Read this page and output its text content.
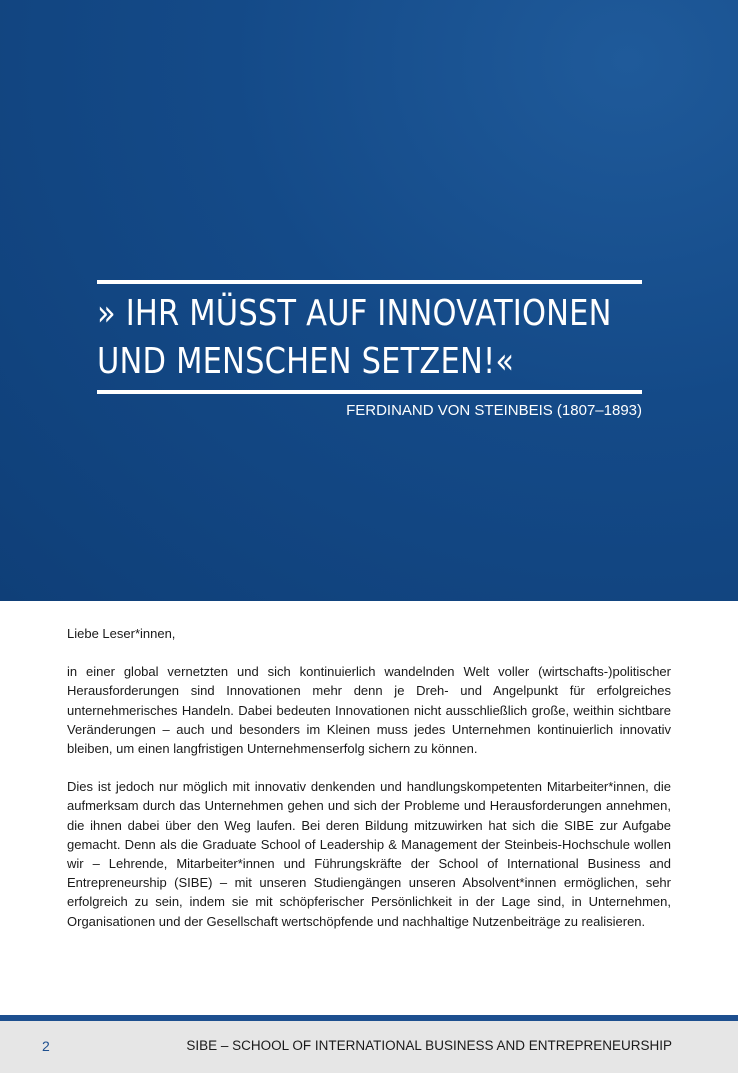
» IHR MÜSST AUF INNOVATIONEN
UND MENSCHEN SETZEN!«
FERDINAND VON STEINBEIS (1807–1893)

Liebe Leser*innen,

in einer global vernetzten und sich kontinuierlich wandelnden Welt voller (wirtschafts-)politischer Herausforderungen sind Innovationen mehr denn je Dreh- und Angelpunkt für erfolgreiches unternehmerisches Handeln. Dabei bedeuten Innovationen nicht ausschließlich große, weithin sichtbare Veränderungen – auch und besonders im Kleinen muss jedes Unternehmen kontinuierlich innovativ bleiben, um einen langfristigen Unternehmenserfolg sichern zu können.

Dies ist jedoch nur möglich mit innovativ denkenden und handlungskompetenten Mitarbeiter*innen, die aufmerksam durch das Unternehmen gehen und sich der Probleme und Herausforderungen annehmen, die ihnen dabei über den Weg laufen. Bei deren Bildung mitzuwirken hat sich die SIBE zur Aufgabe gemacht. Denn als die Graduate School of Leadership & Management der Steinbeis-Hochschule wollen wir – Lehrende, Mitarbeiter*innen und Führungskräfte der School of International Business and Entrepreneurship (SIBE) – mit unseren Studiengängen unseren Absolvent*innen ermöglichen, sehr erfolgreich zu sein, indem sie mit schöpferischer Persönlichkeit in der Lage sind, in Unternehmen, Organisationen und der Gesellschaft wertschöpfende und nachhaltige Nutzenbeiträge zu realisieren.

2	SIBE – SCHOOL OF INTERNATIONAL BUSINESS AND ENTREPRENEURSHIP
